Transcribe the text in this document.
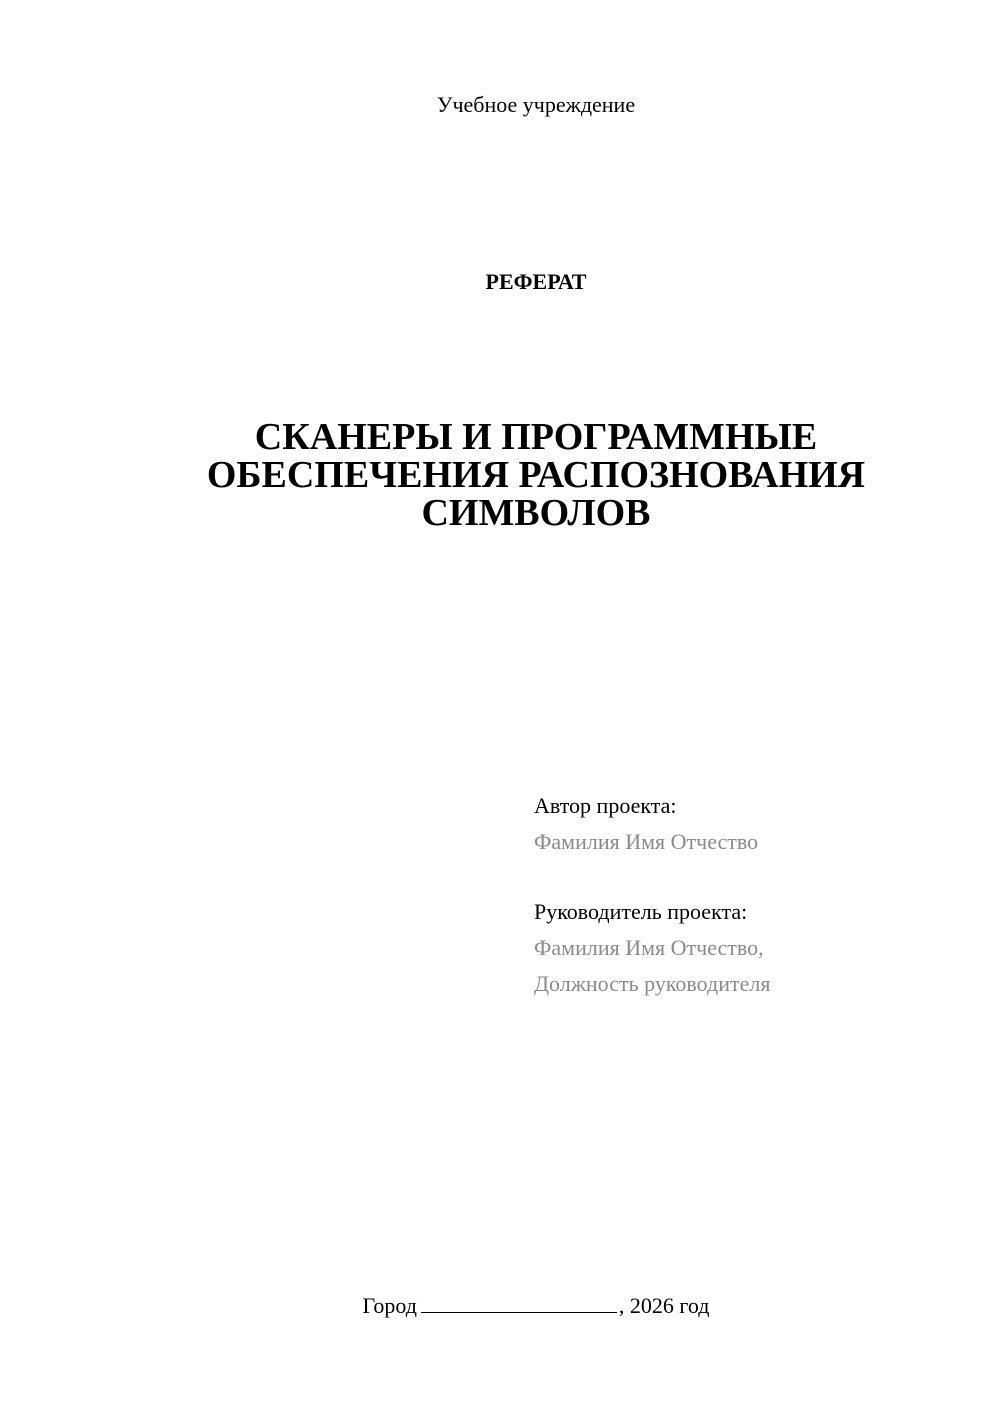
Учебное учреждение
РЕФЕРАТ
СКАНЕРЫ И ПРОГРАММНЫЕ
ОБЕСПЕЧЕНИЯ РАСПОЗНОВАНИЯ
СИМВОЛОВ
Автор проекта:
Фамилия Имя Отчество
Руководитель проекта:
Фамилия Имя Отчество,
Должность руководителя
Город	, 2026 год
